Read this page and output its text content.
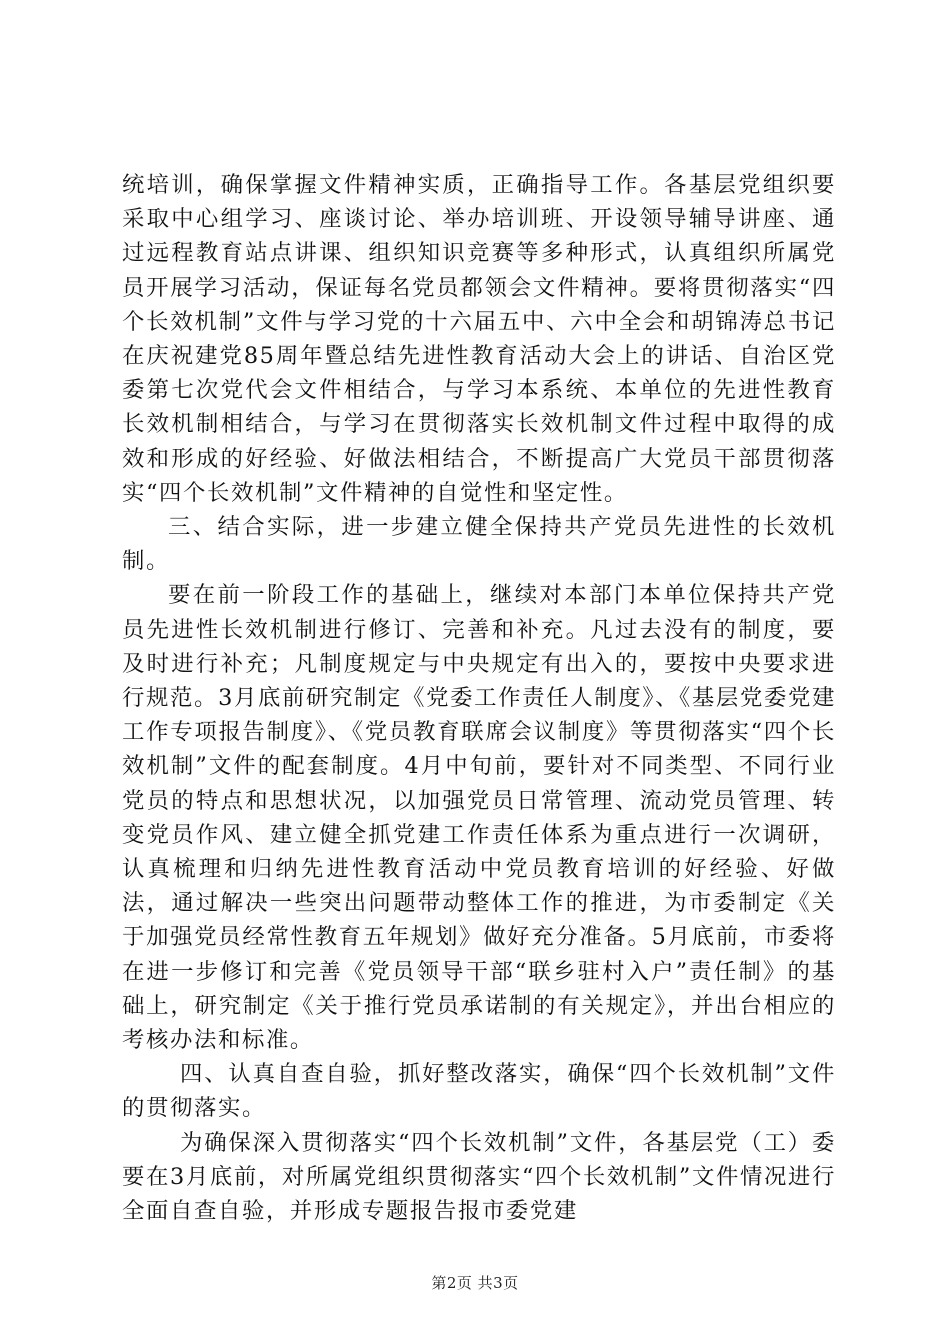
统培训，确保掌握文件精神实质，正确指导工作。各基层党组织要采取中心组学习、座谈讨论、举办培训班、开设领导辅导讲座、通过远程教育站点讲课、组织知识竞赛等多种形式，认真组织所属党员开展学习活动，保证每名党员都领会文件精神。要将贯彻落实“四个长效机制”文件与学习党的十六届五中、六中全会和胡锦涛总书记在庆祝建党85周年暨总结先进性教育活动大会上的讲话、自治区党委第七次党代会文件相结合，与学习本系统、本单位的先进性教育长效机制相结合，与学习在贯彻落实长效机制文件过程中取得的成效和形成的好经验、好做法相结合，不断提高广大党员干部贯彻落实“四个长效机制”文件精神的自觉性和坚定性。

三、结合实际，进一步建立健全保持共产党员先进性的长效机制。

要在前一阶段工作的基础上，继续对本部门本单位保持共产党员先进性长效机制进行修订、完善和补充。凡过去没有的制度，要及时进行补充；凡制度规定与中央规定有出入的，要按中央要求进行规范。3月底前研究制定《党委工作责任人制度》、《基层党委党建工作专项报告制度》、《党员教育联席会议制度》等贯彻落实“四个长效机制”文件的配套制度。4月中旬前，要针对不同类型、不同行业党员的特点和思想状况，以加强党员日常管理、流动党员管理、转变党员作风、建立健全抓党建工作责任体系为重点进行一次调研，认真梳理和归纳先进性教育活动中党员教育培训的好经验、好做法，通过解决一些突出问题带动整体工作的推进，为市委制定《关于加强党员经常性教育五年规划》做好充分准备。5月底前，市委将在进一步修订和完善《党员领导干部“联乡驻村入户”责任制》的基础上，研究制定《关于推行党员承诺制的有关规定》，并出台相应的考核办法和标准。

四、认真自查自验，抓好整改落实，确保“四个长效机制”文件的贯彻落实。

为确保深入贯彻落实“四个长效机制”文件，各基层党（工）委要在3月底前，对所属党组织贯彻落实“四个长效机制”文件情况进行全面自查自验，并形成专题报告报市委党建

第2页 共3页
